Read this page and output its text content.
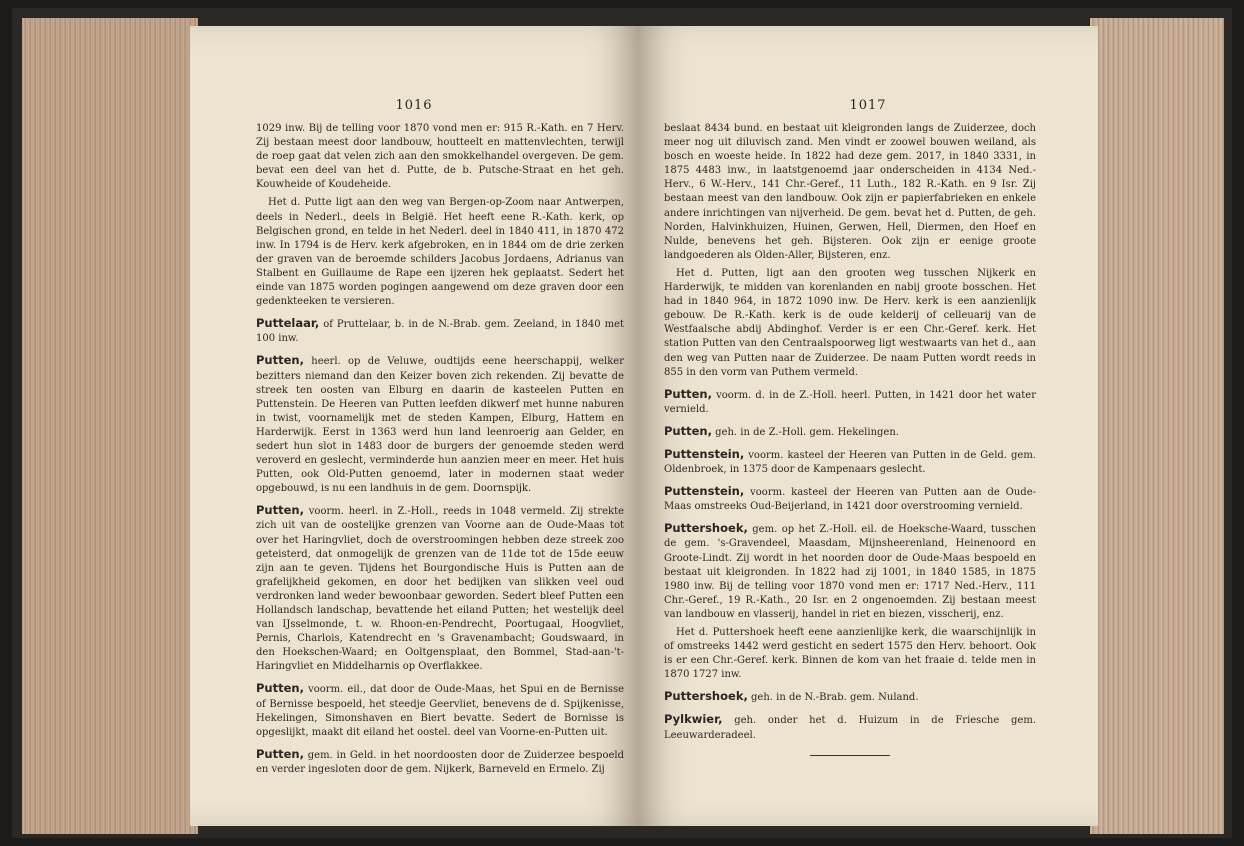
1016

1029 inw. Bij de telling voor 1870 vond men er: 915 R.-Kath. en 7 Herv. Zij bestaan meest door landbouw, houtteelt en mattenvlechten, terwijl de roep gaat dat velen zich aan den smokkelhandel overgeven. De gem. bevat een deel van het d. Putte, de b. Putsche-Straat en het geh. Kouwheide of Koudeheide.

Het d. Putte ligt aan den weg van Bergen-op-Zoom naar Antwerpen, deels in Nederl., deels in België. Het heeft eene R.-Kath. kerk, op Belgischen grond, en telde in het Nederl. deel in 1840 411, in 1870 472 inw. In 1794 is de Herv. kerk afgebroken, en in 1844 om de drie zerken der graven van de beroemde schilders Jacobus Jordaens, Adrianus van Stalbent en Guillaume de Rape een ijzeren hek geplaatst. Sedert het einde van 1875 worden pogingen aangewend om deze graven door een gedenkteeken te versieren.

Puttelaar, of Pruttelaar, b. in de N.-Brab. gem. Zeeland, in 1840 met 100 inw.

Putten, heerl. op de Veluwe, oudtijds eene heerschappij, welker bezitters niemand dan den Keizer boven zich rekenden. Zij bevatte de streek ten oosten van Elburg en daarin de kasteelen Putten en Puttenstein. De Heeren van Putten leefden dikwerf met hunne naburen in twist, voornamelijk met de steden Kampen, Elburg, Hattem en Harderwijk. Eerst in 1363 werd hun land leenroerig aan Gelder, en sedert hun slot in 1483 door de burgers der genoemde steden werd veroverd en geslecht, verminderde hun aanzien meer en meer. Het huis Putten, ook Old-Putten genoemd, later in modernen staat weder opgebouwd, is nu een landhuis in de gem. Doornspijk.

Putten, voorm. heerl. in Z.-Holl., reeds in 1048 vermeld. Zij strekte zich uit van de oostelijke grenzen van Voorne aan de Oude-Maas tot over het Haringvliet, doch de overstroomingen hebben deze streek zoo geteisterd, dat onmogelijk de grenzen van de 11de tot de 15de eeuw zijn aan te geven. Tijdens het Bourgondische Huis is Putten aan de grafelijkheid gekomen, en door het bedijken van slikken veel oud verdronken land weder bewoonbaar geworden. Sedert bleef Putten een Hollandsch landschap, bevattende het eiland Putten; het westelijk deel van IJsselmonde, t. w. Rhoon-en-Pendrecht, Poortugaal, Hoogvliet, Pernis, Charlois, Katendrecht en 's Gravenambacht; Goudswaard, in den Hoekschen-Waard; en Ooltgensplaat, den Bommel, Stad-aan-'t-Haringvliet en Middelharnis op Overflakkee.

Putten, voorm. eil., dat door de Oude-Maas, het Spui en de Bernisse of Bernisse bespoeld, het steedje Geervliet, benevens de d. Spijkenisse, Hekelingen, Simonshaven en Biert bevatte. Sedert de Bornisse is opgeslijkt, maakt dit eiland het oostel. deel van Voorne-en-Putten uit.

Putten, gem. in Geld. in het noordoosten door de Zuiderzee bespoeld en verder ingesloten door de gem. Nijkerk, Barneveld en Ermelo. Zij

1017

beslaat 8434 bund. en bestaat uit kleigronden langs de Zuiderzee, doch meer nog uit diluvisch zand. Men vindt er zoowel bouwen weiland, als bosch en woeste heide. In 1822 had deze gem. 2017, in 1840 3331, in 1875 4483 inw., in laatstgenoemd jaar onderscheiden in 4134 Ned.-Herv., 6 W.-Herv., 141 Chr.-Geref., 11 Luth., 182 R.-Kath. en 9 Isr. Zij bestaan meest van den landbouw. Ook zijn er papierfabrieken en enkele andere inrichtingen van nijverheid. De gem. bevat het d. Putten, de geh. Norden, Halvinkhuizen, Huinen, Gerwen, Hell, Diermen, den Hoef en Nulde, benevens het geh. Bijsteren. Ook zijn er eenige groote landgoederen als Olden-Aller, Bijsteren, enz.

Het d. Putten, ligt aan den grooten weg tusschen Nijkerk en Harderwijk, te midden van korenlanden en nabij groote bosschen. Het had in 1840 964, in 1872 1090 inw. De Herv. kerk is een aanzienlijk gebouw. De R.-Kath. kerk is de oude kelderij of celleuarij van de Westfaalsche abdij Abdinghof. Verder is er een Chr.-Geref. kerk. Het station Putten van den Centraalspoorweg ligt westwaarts van het d., aan den weg van Putten naar de Zuiderzee. De naam Putten wordt reeds in 855 in den vorm van Puthem vermeld.

Putten, voorm. d. in de Z.-Holl. heerl. Putten, in 1421 door het water vernield.

Putten, geh. in de Z.-Holl. gem. Hekelingen.

Puttenstein, voorm. kasteel der Heeren van Putten in de Geld. gem. Oldenbroek, in 1375 door de Kampenaars geslecht.

Puttenstein, voorm. kasteel der Heeren van Putten aan de Oude-Maas omstreeks Oud-Beijerland, in 1421 door overstrooming vernield.

Puttershoek, gem. op het Z.-Holl. eil. de Hoeksche-Waard, tusschen de gem. 's-Gravendeel, Maasdam, Mijnsheerenland, Heinenoord en Groote-Lindt. Zij wordt in het noorden door de Oude-Maas bespoeld en bestaat uit kleigronden. In 1822 had zij 1001, in 1840 1585, in 1875 1980 inw. Bij de telling voor 1870 vond men er: 1717 Ned.-Herv., 111 Chr.-Geref., 19 R.-Kath., 20 Isr. en 2 ongenoemden. Zij bestaan meest van landbouw en vlasserij, handel in riet en biezen, visscherij, enz.

Het d. Puttershoek heeft eene aanzienlijke kerk, die waarschijnlijk in of omstreeks 1442 werd gesticht en sedert 1575 den Herv. behoort. Ook is er een Chr.-Geref. kerk. Binnen de kom van het fraaie d. telde men in 1870 1727 inw.

Puttershoek, geh. in de N.-Brab. gem. Nuland.

Pylkwier, geh. onder het d. Huizum in de Friesche gem. Leeuwarderadeel.
